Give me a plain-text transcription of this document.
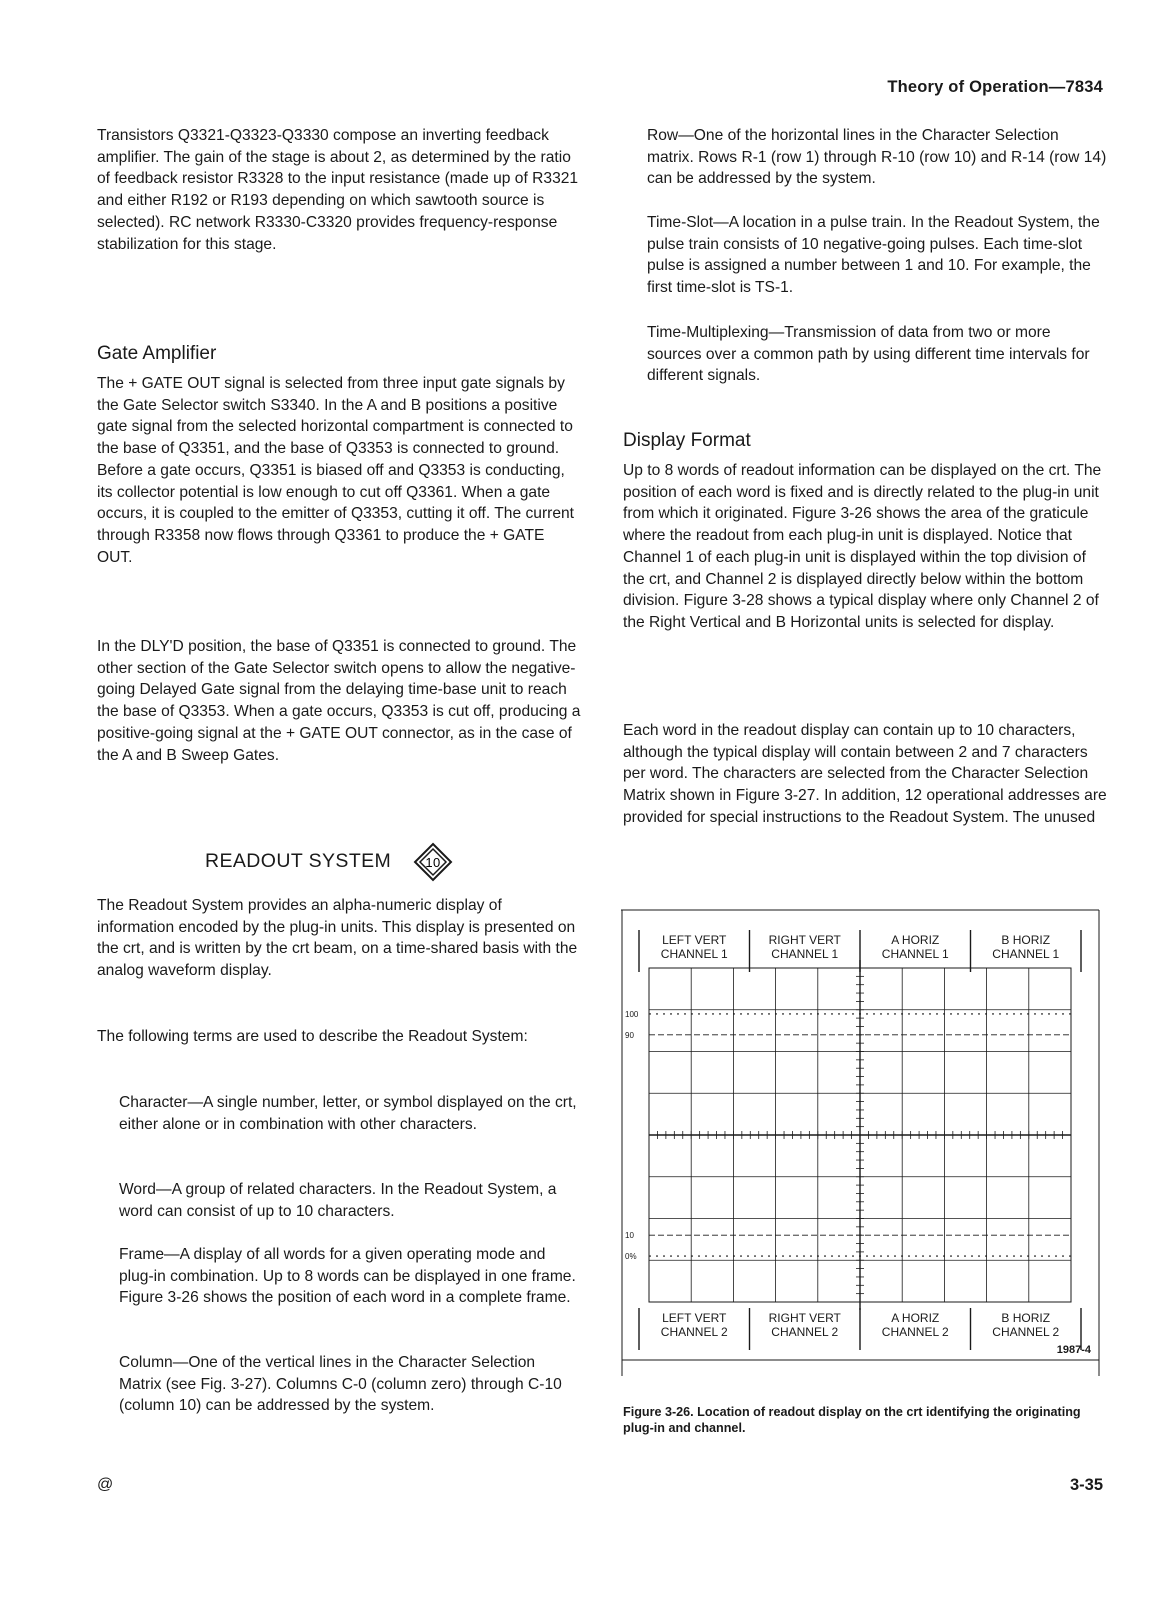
Theory of Operation—7834

Transistors Q3321-Q3323-Q3330 compose an inverting feedback amplifier. The gain of the stage is about 2, as determined by the ratio of feedback resistor R3328 to the input resistance (made up of R3321 and either R192 or R193 depending on which sawtooth source is selected). RC network R3330-C3320 provides frequency-response stabilization for this stage.

Gate Amplifier

The + GATE OUT signal is selected from three input gate signals by the Gate Selector switch S3340. In the A and B positions a positive gate signal from the selected horizontal compartment is connected to the base of Q3351, and the base of Q3353 is connected to ground. Before a gate occurs, Q3351 is biased off and Q3353 is conducting, its collector potential is low enough to cut off Q3361. When a gate occurs, it is coupled to the emitter of Q3353, cutting it off. The current through R3358 now flows through Q3361 to produce the + GATE OUT.

In the DLY'D position, the base of Q3351 is connected to ground. The other section of the Gate Selector switch opens to allow the negative-going Delayed Gate signal from the delaying time-base unit to reach the base of Q3353. When a gate occurs, Q3353 is cut off, producing a positive-going signal at the + GATE OUT connector, as in the case of the A and B Sweep Gates.

READOUT SYSTEM	10

The Readout System provides an alpha-numeric display of information encoded by the plug-in units. This display is presented on the crt, and is written by the crt beam, on a time-shared basis with the analog waveform display.

The following terms are used to describe the Readout System:

Character—A single number, letter, or symbol displayed on the crt, either alone or in combination with other characters.

Word—A group of related characters. In the Readout System, a word can consist of up to 10 characters.

Frame—A display of all words for a given operating mode and plug-in combination. Up to 8 words can be displayed in one frame. Figure 3-26 shows the position of each word in a complete frame.

Column—One of the vertical lines in the Character Selection Matrix (see Fig. 3-27). Columns C-0 (column zero) through C-10 (column 10) can be addressed by the system.

Row—One of the horizontal lines in the Character Selection matrix. Rows R-1 (row 1) through R-10 (row 10) and R-14 (row 14) can be addressed by the system.

Time-Slot—A location in a pulse train. In the Readout System, the pulse train consists of 10 negative-going pulses. Each time-slot pulse is assigned a number between 1 and 10. For example, the first time-slot is TS-1.

Time-Multiplexing—Transmission of data from two or more sources over a common path by using different time intervals for different signals.

Display Format

Up to 8 words of readout information can be displayed on the crt. The position of each word is fixed and is directly related to the plug-in unit from which it originated. Figure 3-26 shows the area of the graticule where the readout from each plug-in unit is displayed. Notice that Channel 1 of each plug-in unit is displayed within the top division of the crt, and Channel 2 is displayed directly below within the bottom division. Figure 3-28 shows a typical display where only Channel 2 of the Right Vertical and B Horizontal units is selected for display.

Each word in the readout display can contain up to 10 characters, although the typical display will contain between 2 and 7 characters per word. The characters are selected from the Character Selection Matrix shown in Figure 3-27. In addition, 12 operational addresses are provided for special instructions to the Readout System. The unused

100
90
10
0%
LEFT VERT
CHANNEL 1
RIGHT VERT
CHANNEL 1
A HORIZ
CHANNEL 1
B HORIZ
CHANNEL 1
LEFT VERT
CHANNEL 2
RIGHT VERT
CHANNEL 2
A HORIZ
CHANNEL 2
B HORIZ
CHANNEL 2
1987-4
Figure 3-26. Location of readout display on the crt identifying the originating plug-in and channel.
@	3-35
